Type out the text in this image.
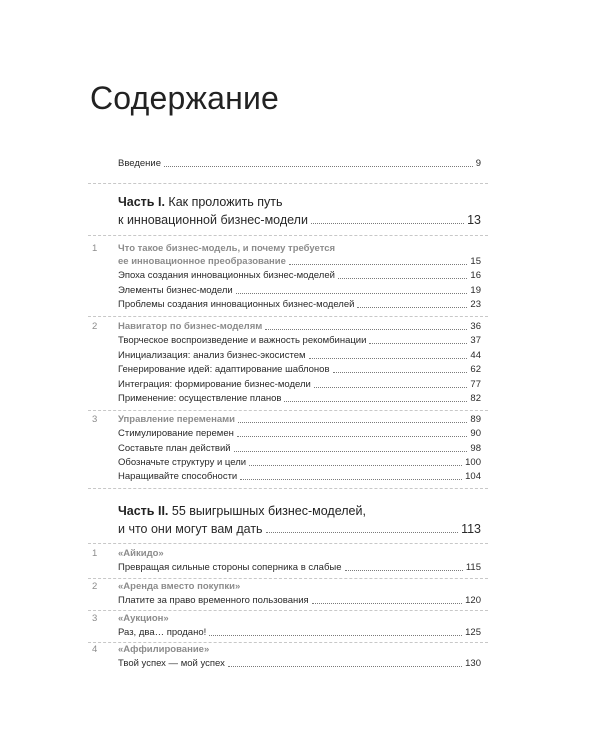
Содержание
Введение	9
Часть I. Как проложить путь
к инновационной бизнес-модели	13
1 Что такое бизнес-модель, и почему требуется
ее инновационное преобразование	15
Эпоха создания инновационных бизнес-моделей	16
Элементы бизнес-модели	19
Проблемы создания инновационных бизнес-моделей	23
2 Навигатор по бизнес-моделям	36
Творческое воспроизведение и важность рекомбинации	37
Инициализация: анализ бизнес-экосистем	44
Генерирование идей: адаптирование шаблонов	62
Интеграция: формирование бизнес-модели	77
Применение: осуществление планов	82
3 Управление переменами	89
Стимулирование перемен	90
Составьте план действий	98
Обозначьте структуру и цели	100
Наращивайте способности	104
Часть II. 55 выигрышных бизнес-моделей,
и что они могут вам дать	113
1 «Айкидо»
Превращая сильные стороны соперника в слабые	115
2 «Аренда вместо покупки»
Платите за право временного пользования	120
3 «Аукцион»
Раз, два… продано!	125
4 «Аффилирование»
Твой успех — мой успех	130
